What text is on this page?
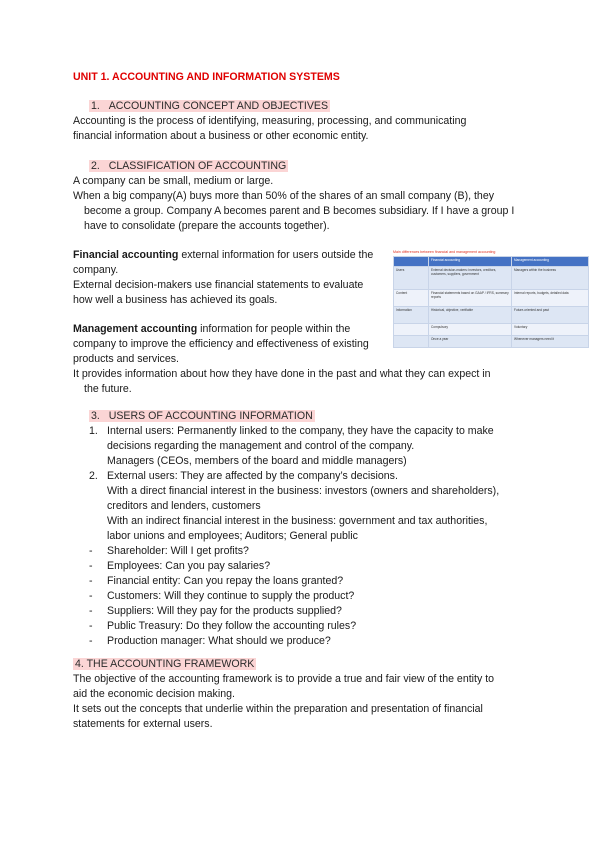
UNIT 1. ACCOUNTING AND INFORMATION SYSTEMS

1. ACCOUNTING CONCEPT AND OBJECTIVES

Accounting is the process of identifying, measuring, processing, and communicating

financial information about a business or other economic entity.

2. CLASSIFICATION OF ACCOUNTING

A company can be small, medium or large.

When a big company(A) buys more than 50% of the shares of an small company (B), they

become a group. Company A becomes parent and B becomes subsidiary. If I have a group I

have to consolidate (prepare the accounts together).

Financial accounting external information for users outside the

company.

External decision-makers use financial statements to evaluate

how well a business has achieved its goals.

Main differences between financial and management accounting
	Financial accounting	Management accounting
Users	External decision-makers: investors, creditors, customers, suppliers, government	Managers within the business
Content	Financial statements based on GAAP / IFRS, summary reports	Internal reports, budgets, detailed data
Information	Historical, objective, verifiable	Future-oriented and past
	Compulsory	Voluntary
	Once a year	Whenever managers need it

Management accounting information for people within the

company to improve the efficiency and effectiveness of existing

products and services.

It provides information about how they have done in the past and what they can expect in

the future.

3. USERS OF ACCOUNTING INFORMATION

1. Internal users: Permanently linked to the company, they have the capacity to make

decisions regarding the management and control of the company.

Managers (CEOs, members of the board and middle managers)

2. External users: They are affected by the company’s decisions.

With a direct financial interest in the business: investors (owners and shareholders),

creditors and lenders, customers

With an indirect financial interest in the business: government and tax authorities,

labor unions and employees; Auditors; General public

- Shareholder: Will I get profits?

- Employees: Can you pay salaries?

- Financial entity: Can you repay the loans granted?

- Customers: Will they continue to supply the product?

- Suppliers: Will they pay for the products supplied?

- Public Treasury: Do they follow the accounting rules?

- Production manager: What should we produce?

4. THE ACCOUNTING FRAMEWORK

The objective of the accounting framework is to provide a true and fair view of the entity to

aid the economic decision making.

It sets out the concepts that underlie within the preparation and presentation of financial

statements for external users.
